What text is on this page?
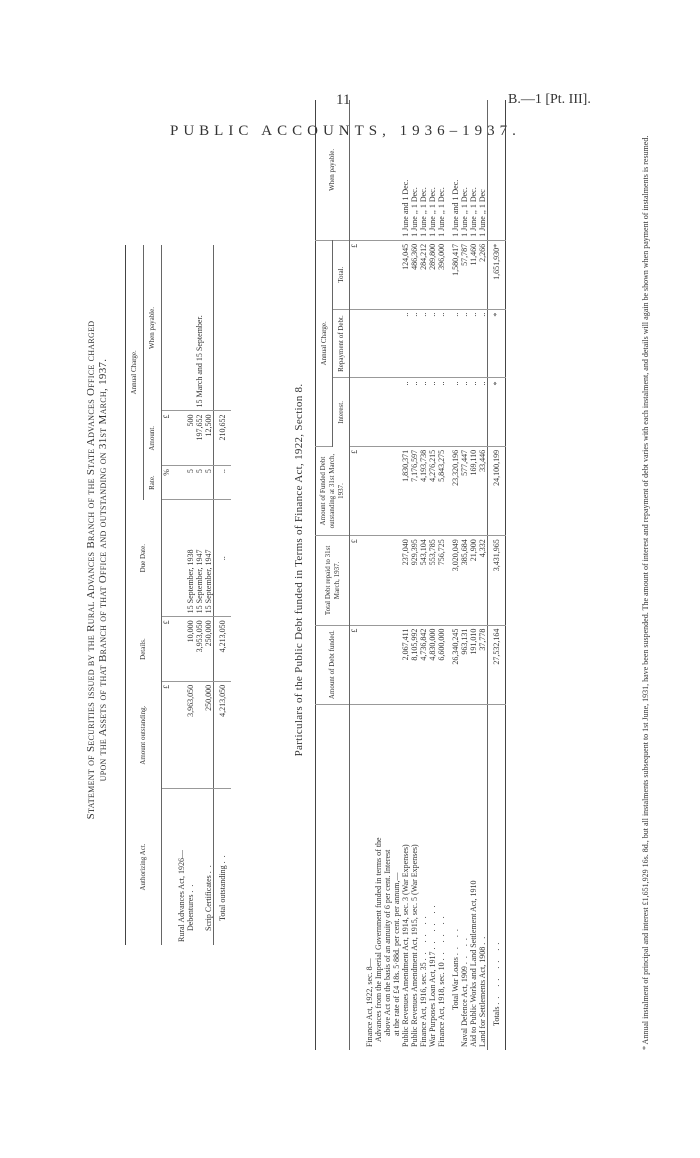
11	B.—1 [Pt. III].
PUBLIC ACCOUNTS, 1936–1937.
Statement of Securities issued by the Rural Advances Branch of the State Advances Office charged upon the Assets of that Branch of that Office and outstanding on 31st March, 1937.
Authorizing Act.	Amount outstanding.	Details.	Due Date.	Annual Charge.		
				Rate.	Amount.	When payable.
	£	£		%	£	
Rural Advances Act, 1926—						
Debentures ..	3,963,050	10,000	15 September, 1938	5	500	15 March and 15 September.
		3,953,050	15 September, 1947	5	197,652	
Scrip Certificates ..	250,000	250,000	15 September, 1947	5	12,500	
Total outstanding ..	4,213,050	4,213,050	..	..	210,652		Particulars of the Public Debt funded in Terms of Finance Act, 1922, Section 8.
		Amount of Debt funded.	Total Debt repaid to 31st March, 1937.	Amount of Funded Debt outstanding at 31st March, 1937.	Annual Charge.			When payable.
				Interest.	Repayment of Debt.	Total.	
	£	£	£			£	
Finance Act, 1922, sec. 8—							
Advances from the Imperial Government funded in terms of the							
above Act on the basis of an annuity of 6 per cent. Interest							
at the rate of £4 18s. 5·88d. per cent. per annum,—							
Public Revenues Amendment Act, 1914, sec. 3 (War Expenses)	2,067,411	237,040	1,830,371	..	..	124,045	1 June and 1 Dec.
Public Revenues Amendment Act, 1915, sec. 5 (War Expenses)	8,105,992	929,395	7,176,597	..	..	486,360	1 June ,, 1 Dec.
Finance Act, 1916, sec. 35 .. .. ..	4,736,842	543,104	4,193,738	..	..	284,212	1 June ,, 1 Dec.
War Purposes Loan Act, 1917 .. .. ..	4,830,000	553,785	4,276,215	..	..	289,800	1 June ,, 1 Dec.
Finance Act, 1918, sec. 10 .. .. ..	6,600,000	756,725	5,843,275	..	..	396,000	1 June ,, 1 Dec.
Total War Loans .. ..	26,340,245	3,020,049	23,320,196	..	..	1,580,417	1 June and 1 Dec.
Naval Defence Act, 1909 .. ..	963,131	385,684	577,447	..	..	57,787	1 June ,, 1 Dec.
Aid to Public Works and Land Settlement Act, 1910	191,010	21,900	169,110	..	..	11,460	1 June ,, 1 Dec.
Land for Settlements Act, 1908 ..	37,778	4,332	33,446	..	..	2,266	1 June ,, 1 Dec
Totals .. .. .. ..	27,532,164	3,431,965	24,100,199	*	*	1,651,930*		* Annual instalment of principal and interest £1,651,929 16s. 8d., but all instalments subsequent to 1st June, 1931, have been suspended. The amount of interest and repayment of debt varies with each instalment, and details will again be shown when payment of instalments is resumed.
